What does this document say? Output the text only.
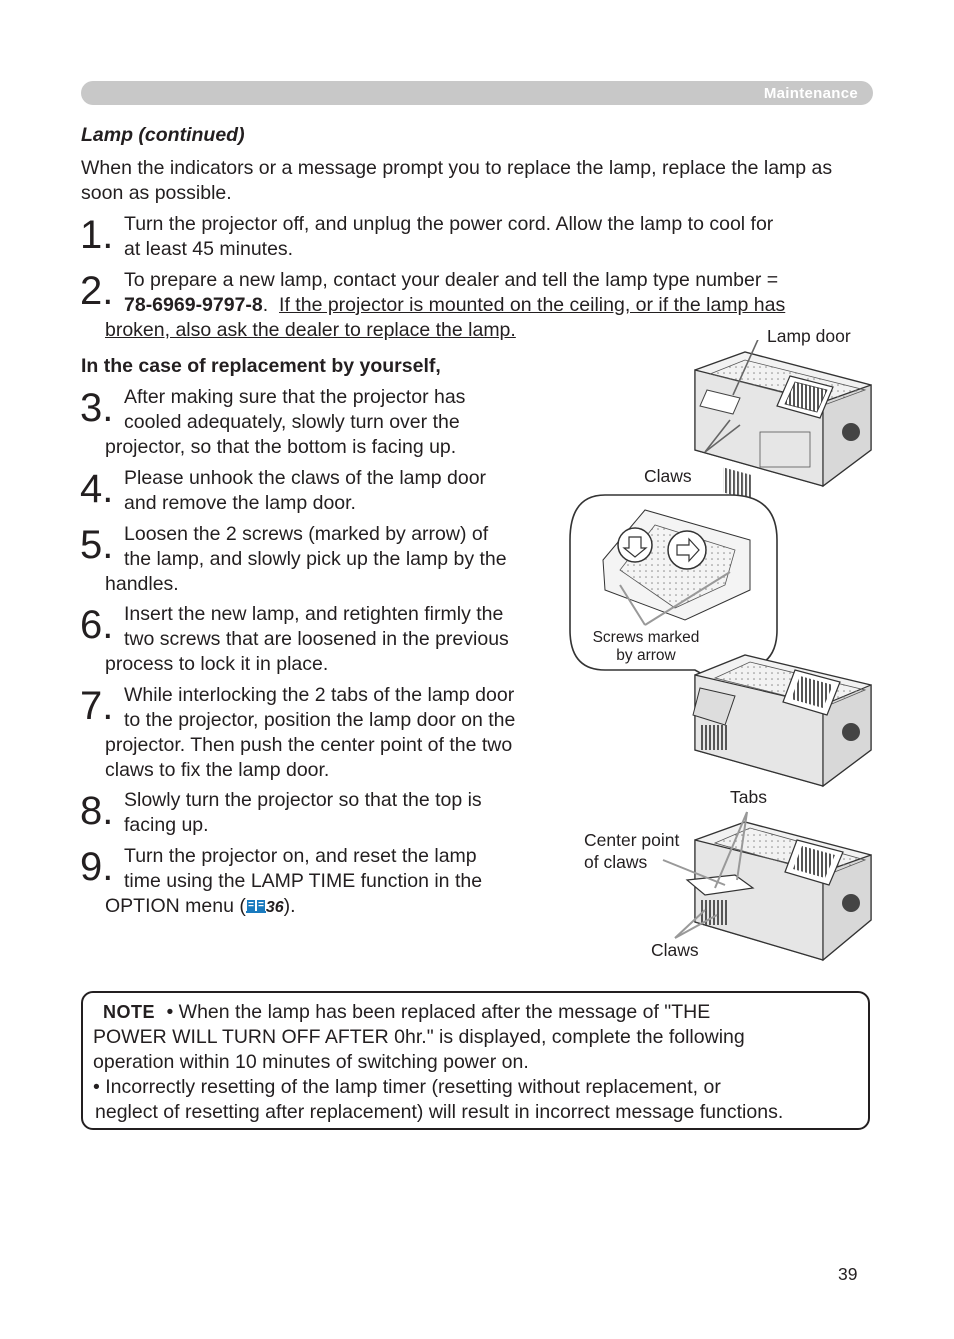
Maintenance
Lamp (continued)
When the indicators or a message prompt you to replace the lamp, replace the lamp as soon as possible.
1. Turn the projector off, and unplug the power cord. Allow the lamp to cool for
at least 45 minutes.
2. To prepare a new lamp, contact your dealer and tell the lamp type number =
78-6969-9797-8. If the projector is mounted on the ceiling, or if the lamp has
broken, also ask the dealer to replace the lamp.
In the case of replacement by yourself,
3. After making sure that the projector has
cooled adequately, slowly turn over the
projector, so that the bottom is facing up.
4. Please unhook the claws of the lamp door
and remove the lamp door.
5. Loosen the 2 screws (marked by arrow) of
the lamp, and slowly pick up the lamp by the
handles.
6. Insert the new lamp, and retighten firmly the
two screws that are loosened in the previous
process to lock it in place.
7. While interlocking the 2 tabs of the lamp door
to the projector, position the lamp door on the
projector. Then push the center point of the two
claws to fix the lamp door.
8. Slowly turn the projector so that the top is
facing up.
9. Turn the projector on, and reset the lamp
time using the LAMP TIME function in the
OPTION menu ( 36).
Lamp door
Claws
Screws marked
by arrow
Tabs
Center point
of claws
Claws
NOTE • When the lamp has been replaced after the message of "THE
POWER WILL TURN OFF AFTER 0hr." is displayed, complete the following
operation within 10 minutes of switching power on.
• Incorrectly resetting of the lamp timer (resetting without replacement, or
neglect of resetting after replacement) will result in incorrect message functions.
39
